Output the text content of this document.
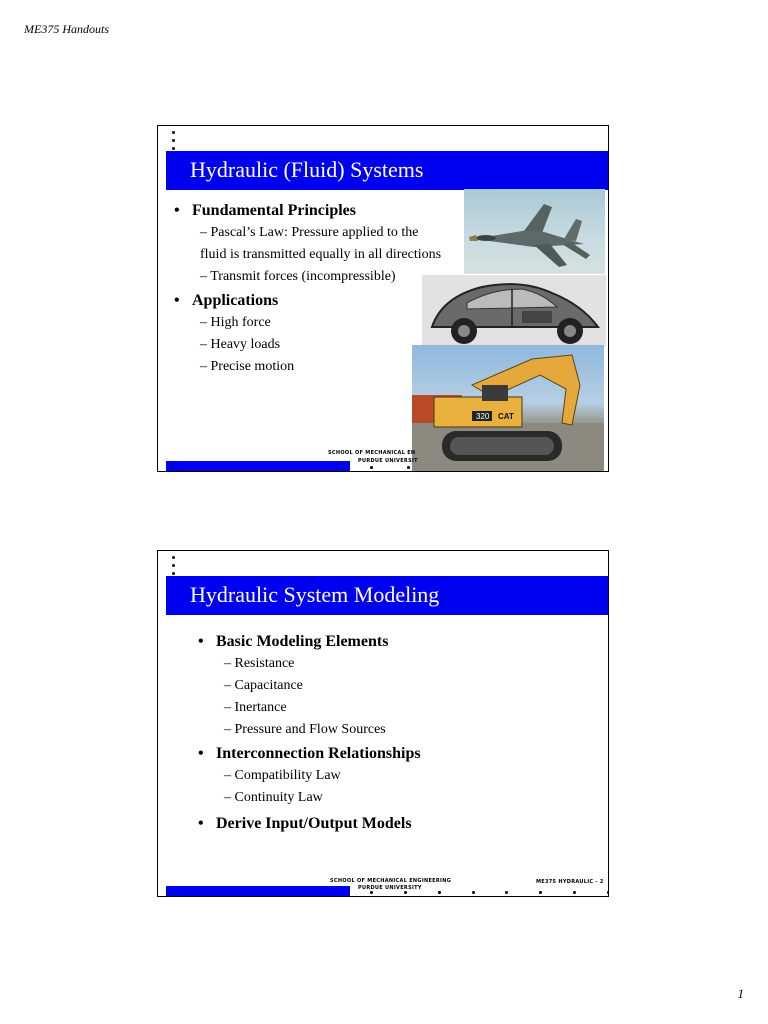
ME375 Handouts
Hydraulic (Fluid) Systems
320 CAT
• Fundamental Principles
– Pascal’s Law: Pressure applied to the
fluid is transmitted equally in all directions
– Transmit forces (incompressible)
• Applications
– High force
– Heavy loads
– Precise motion
SCHOOL OF MECHANICAL EN
PURDUE UNIVERSIT
Hydraulic System Modeling
• Basic Modeling Elements
– Resistance
– Capacitance
– Inertance
– Pressure and Flow Sources
• Interconnection Relationships
– Compatibility Law
– Continuity Law
• Derive Input/Output Models
SCHOOL OF MECHANICAL ENGINEERING
PURDUE UNIVERSITY
ME375 HYDRAULIC - 2
1
